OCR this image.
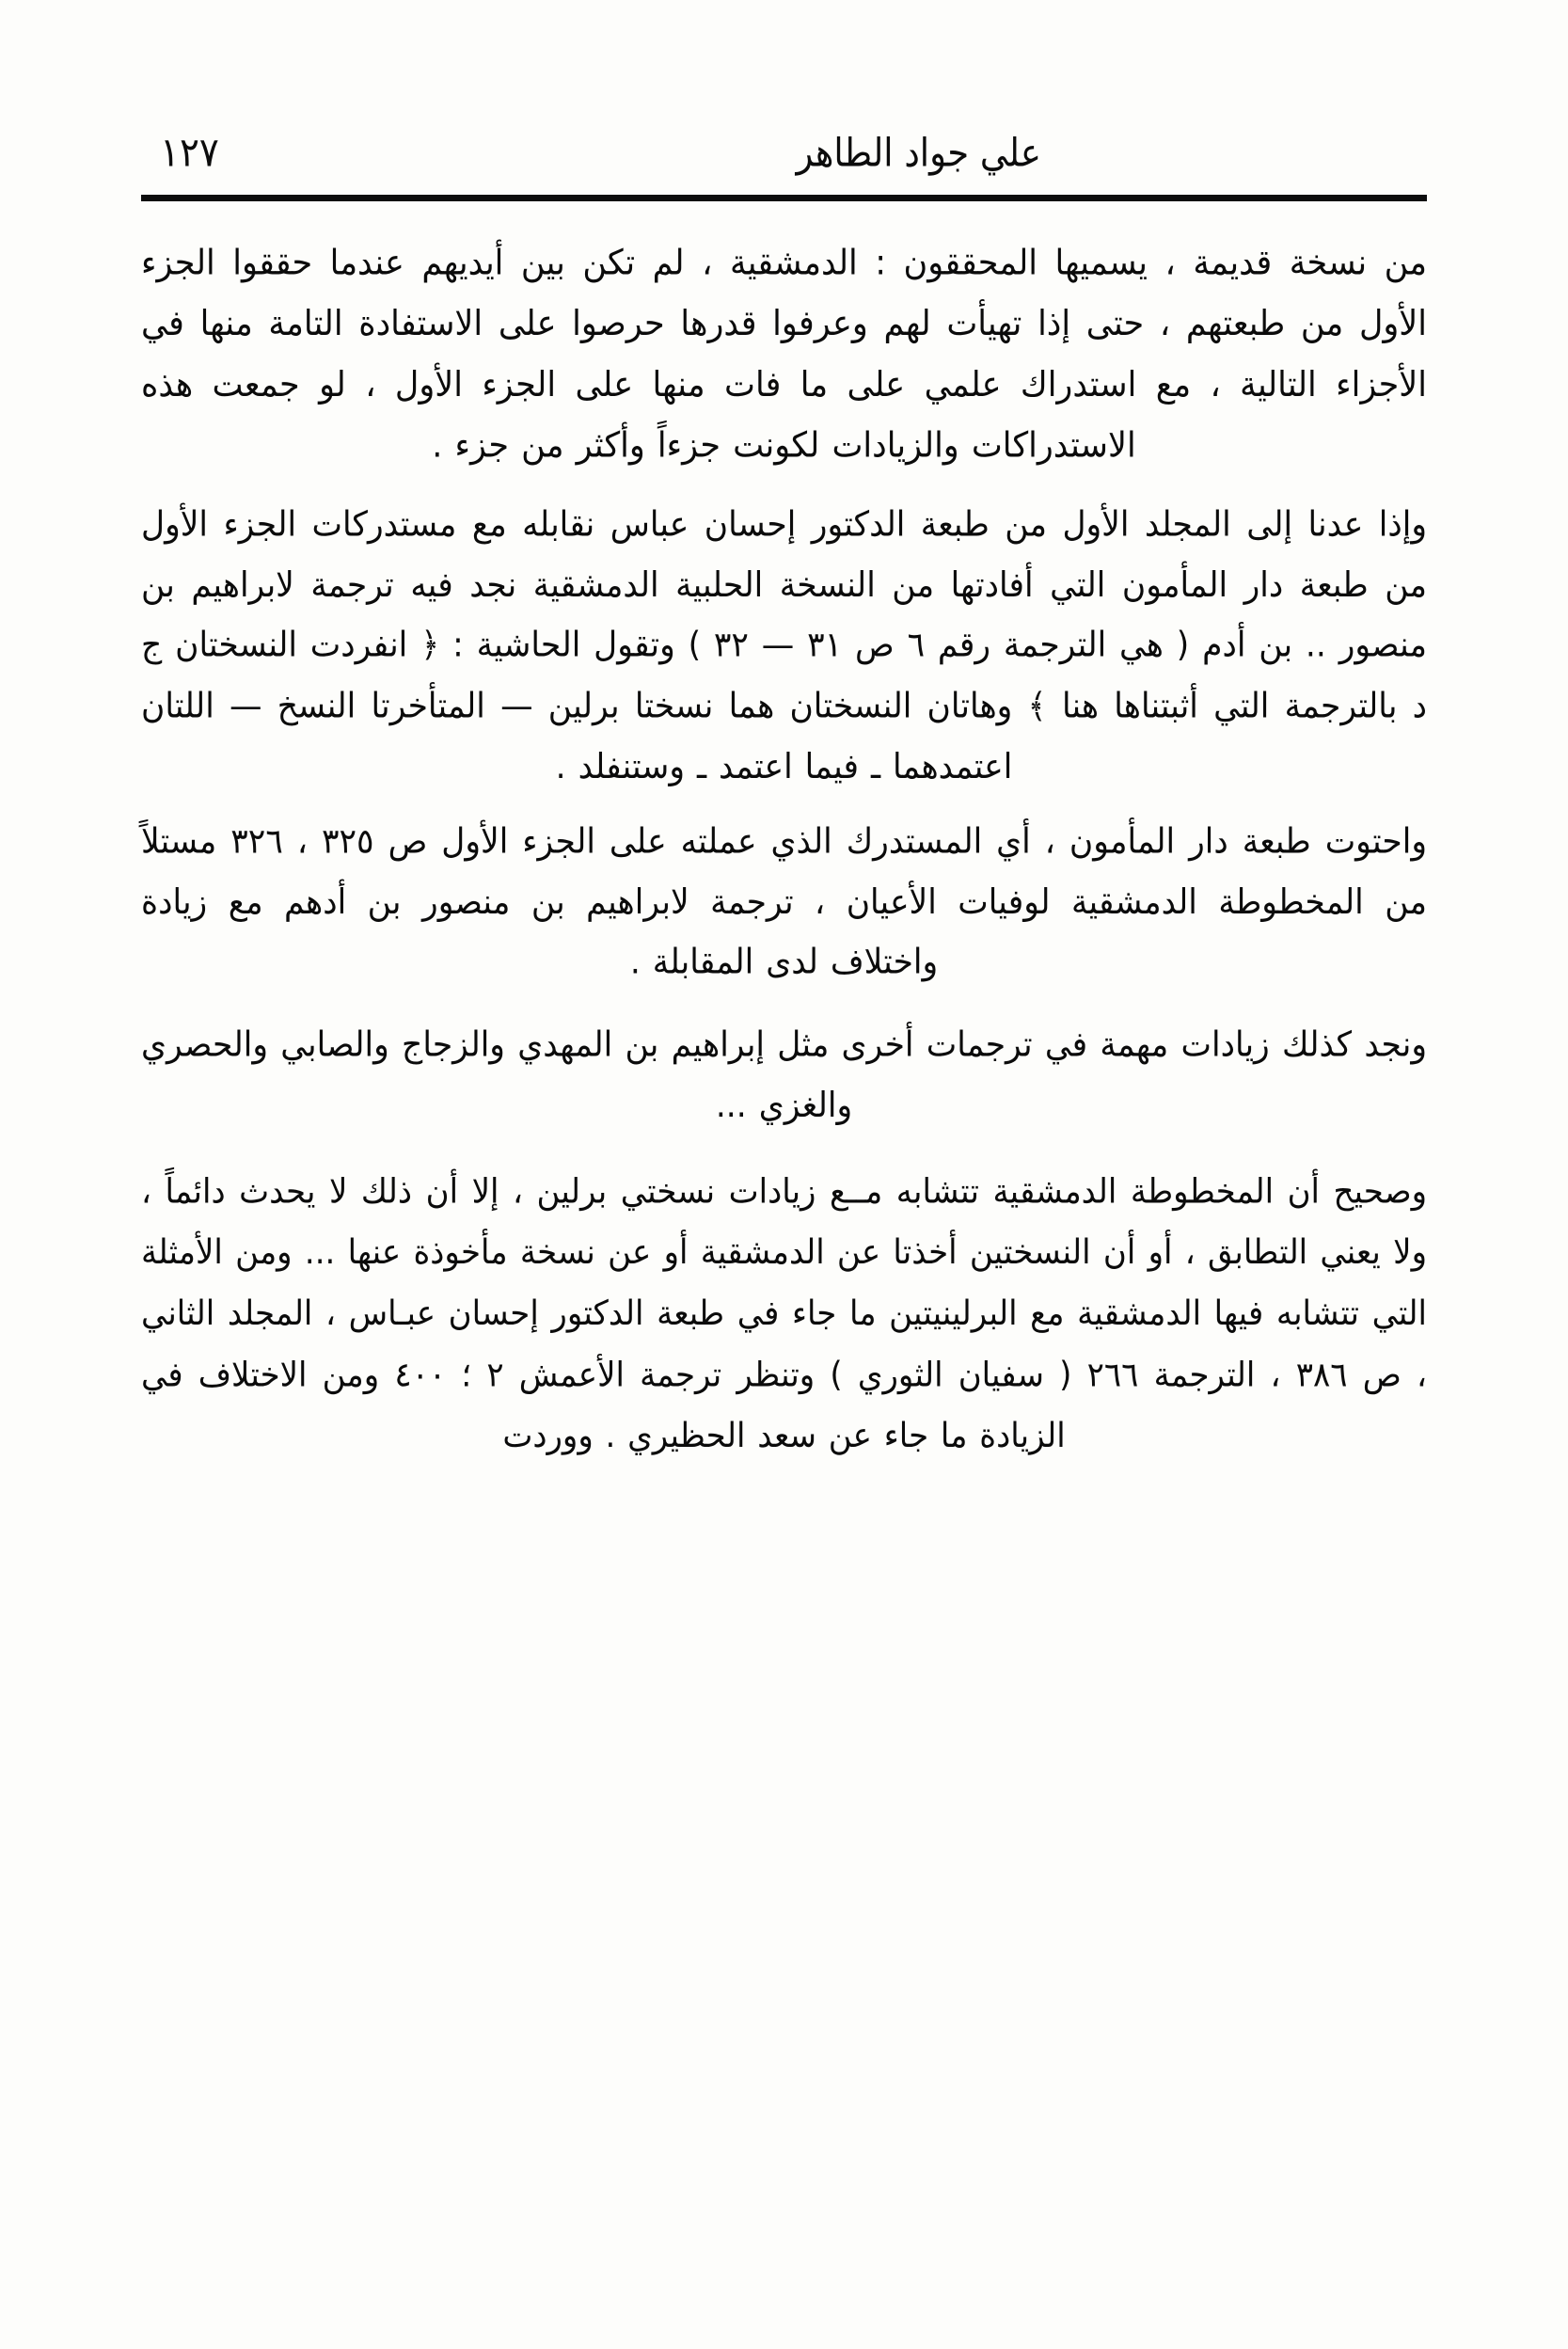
علي جواد الطاهر
١٢٧

من نسخة قديمة ، يسميها المحققون : الدمشقية ، لم تكن بين أيديهم عندما حققوا الجزء الأول من طبعتهم ، حتى إذا تهيأت لهم وعرفوا قدرها حرصوا على الاستفادة التامة منها في الأجزاء التالية ، مع استدراك علمي على ما فات منها على الجزء الأول ، لو جمعت هذه الاستدراكات والزيادات لكونت جزءاً وأكثر من جزء .

وإذا عدنا إلى المجلد الأول من طبعة الدكتور إحسان عباس نقابله مع مستدركات الجزء الأول من طبعة دار المأمون التي أفادتها من النسخة الحلبية الدمشقية نجد فيه ترجمة لابراهيم بن منصور .. بن أدم ( هي الترجمة رقم ٦ ص ٣١ — ٣٢ ) وتقول الحاشية : ﴿ انفردت النسختان ج د بالترجمة التي أثبتناها هنا ﴾ وهاتان النسختان هما نسختا برلين — المتأخرتا النسخ — اللتان اعتمدهما ـ فيما اعتمد ـ وستنفلد .

واحتوت طبعة دار المأمون ، أي المستدرك الذي عملته على الجزء الأول ص ٣٢٥ ، ٣٢٦ مستلاً من المخطوطة الدمشقية لوفيات الأعيان ، ترجمة لابراهيم بن منصور بن أدهم مع زيادة واختلاف لدى المقابلة .

ونجد كذلك زيادات مهمة في ترجمات أخرى مثل إبراهيم بن المهدي والزجاج والصابي والحصري والغزي ...

وصحيح أن المخطوطة الدمشقية تتشابه مــع زيادات نسختي برلين ، إلا أن ذلك لا يحدث دائماً ، ولا يعني التطابق ، أو أن النسختين أخذتا عن الدمشقية أو عن نسخة مأخوذة عنها ... ومن الأمثلة التي تتشابه فيها الدمشقية مع البرلينيتين ما جاء في طبعة الدكتور إحسان عبـاس ، المجلد الثاني ، ص ٣٨٦ ، الترجمة ٢٦٦ ( سفيان الثوري ) وتنظر ترجمة الأعمش ٢ ؛ ٤٠٠ ومن الاختلاف في الزيادة ما جاء عن سعد الحظيري . ووردت
